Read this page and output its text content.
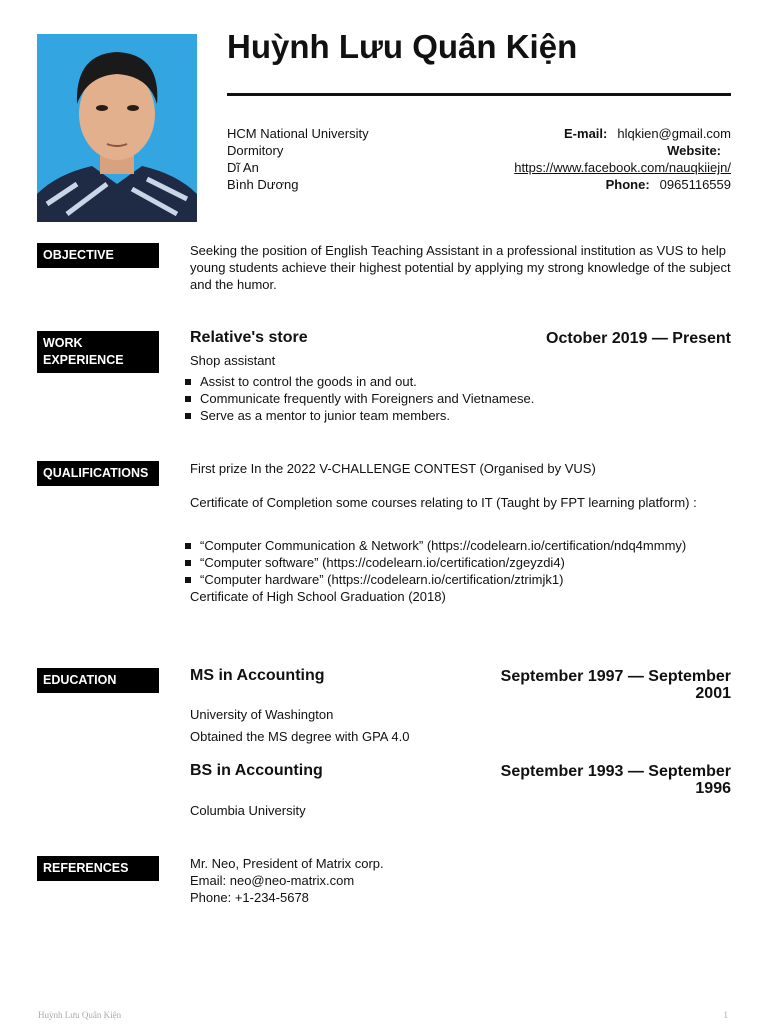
Huỳnh Lưu Quân Kiện
HCM National University
Dormitory
Dĩ An
Bình Dương
E-mail: hlqkien@gmail.com
Website:
https://www.facebook.com/nauqkiiejn/
Phone: 0965116559
OBJECTIVE	Seeking the position of English Teaching Assistant in a professional institution as VUS to help young students achieve their highest potential by applying my strong knowledge of the subject and the humor.
WORK
EXPERIENCE
Relative's store	October 2019 — Present
Shop assistant
Assist to control the goods in and out.
Communicate frequently with Foreigners and Vietnamese.
Serve as a mentor to junior team members.
QUALIFICATIONS	First prize In the 2022 V-CHALLENGE CONTEST (Organised by VUS)
Certificate of Completion some courses relating to IT (Taught by FPT learning platform) :
“Computer Communication & Network” (https://codelearn.io/certification/ndq4mmmy)
“Computer software” (https://codelearn.io/certification/zgeyzdi4)
“Computer hardware” (https://codelearn.io/certification/ztrimjk1)
Certificate of High School Graduation (2018)
EDUCATION	MS in Accounting	September 1997 — September
2001
University of Washington
Obtained the MS degree with GPA 4.0
BS in Accounting	September 1993 — September
1996
Columbia University
REFERENCES	Mr. Neo, President of Matrix corp.
Email: neo@neo-matrix.com
Phone: +1-234-5678
Huỳnh Lưu Quân Kiện	1
